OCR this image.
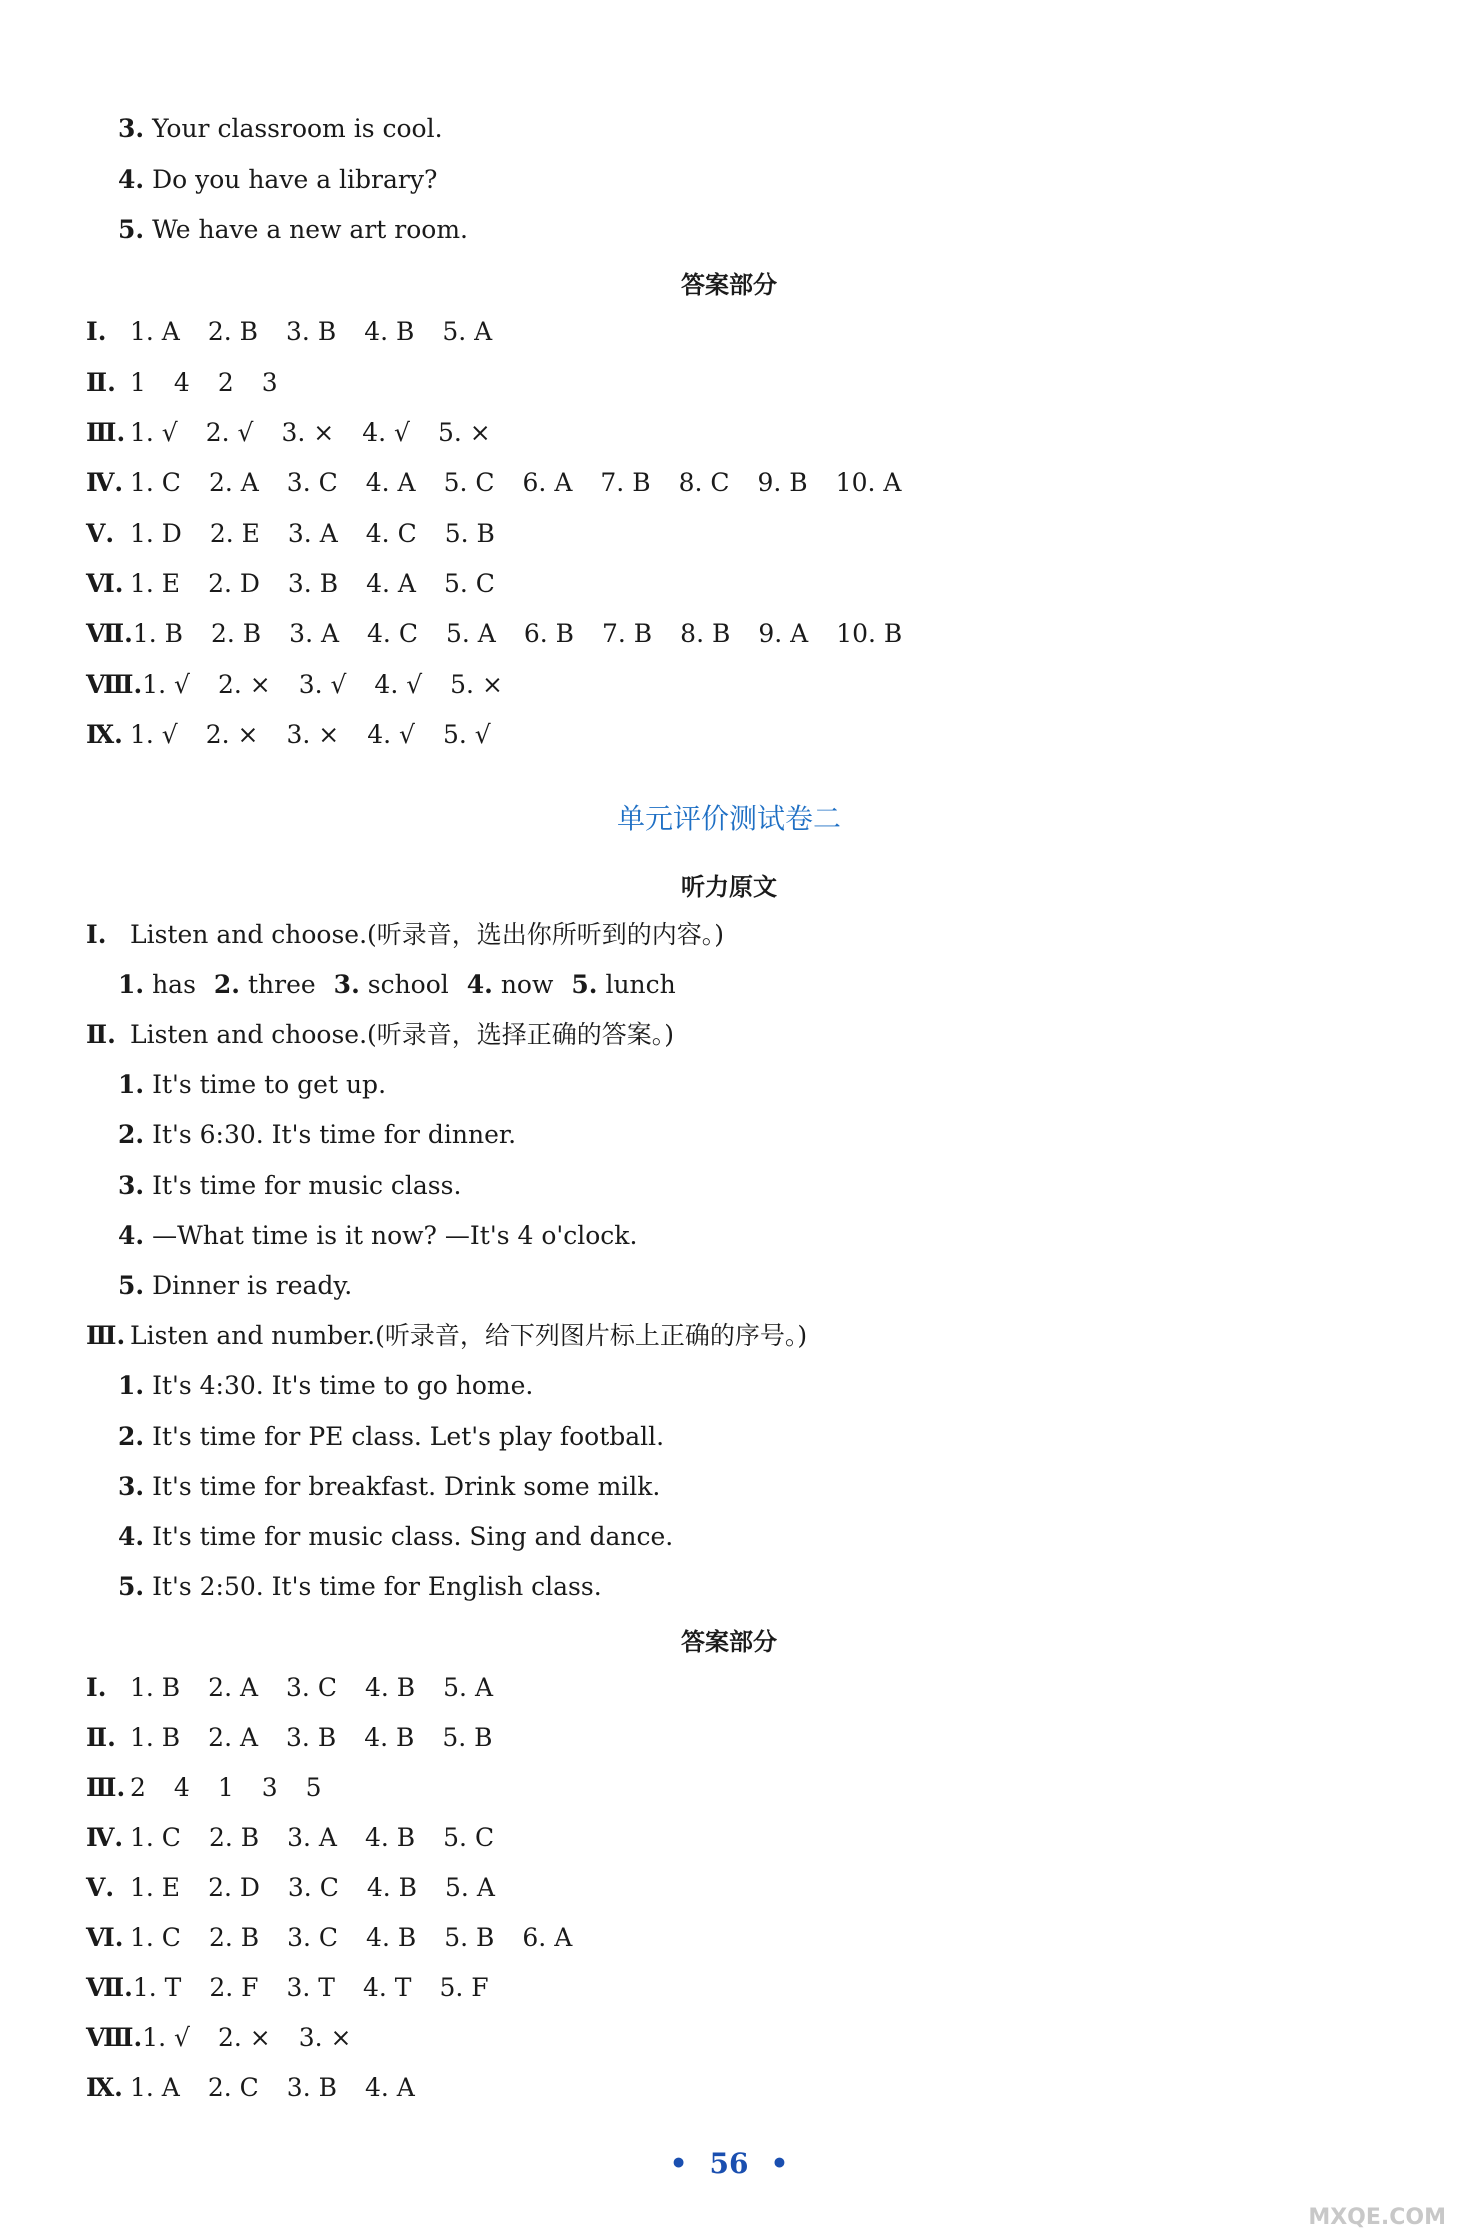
3. Your classroom is cool.
4. Do you have a library?
5. We have a new art room.
答案部分
Ⅰ. 1. A 2. B 3. B 4. B 5. A
Ⅱ. 1 4 2 3
Ⅲ. 1. √ 2. √ 3. × 4. √ 5. ×
Ⅳ. 1. C 2. A 3. C 4. A 5. C 6. A 7. B 8. C 9. B 10. A
Ⅴ. 1. D 2. E 3. A 4. C 5. B
Ⅵ. 1. E 2. D 3. B 4. A 5. C
Ⅶ.1. B 2. B 3. A 4. C 5. A 6. B 7. B 8. B 9. A 10. B
Ⅷ.1. √ 2. × 3. √ 4. √ 5. ×
Ⅸ. 1. √ 2. × 3. × 4. √ 5. √
单元评价测试卷二
听力原文
Ⅰ. Listen and choose.(听录音，选出你所听到的内容。)
1. has 2. three 3. school 4. now 5. lunch
Ⅱ. Listen and choose.(听录音，选择正确的答案。)
1. It's time to get up.
2. It's 6:30. It's time for dinner.
3. It's time for music class.
4. —What time is it now? —It's 4 o'clock.
5. Dinner is ready.
Ⅲ. Listen and number.(听录音，给下列图片标上正确的序号。)
1. It's 4:30. It's time to go home.
2. It's time for PE class. Let's play football.
3. It's time for breakfast. Drink some milk.
4. It's time for music class. Sing and dance.
5. It's 2:50. It's time for English class.
答案部分
Ⅰ. 1. B 2. A 3. C 4. B 5. A
Ⅱ. 1. B 2. A 3. B 4. B 5. B
Ⅲ. 2 4 1 3 5
Ⅳ. 1. C 2. B 3. A 4. B 5. C
Ⅴ. 1. E 2. D 3. C 4. B 5. A
Ⅵ. 1. C 2. B 3. C 4. B 5. B 6. A
Ⅶ.1. T 2. F 3. T 4. T 5. F
Ⅷ.1. √ 2. × 3. ×
Ⅸ. 1. A 2. C 3. B 4. A
• 56 •
MXQE.COM
